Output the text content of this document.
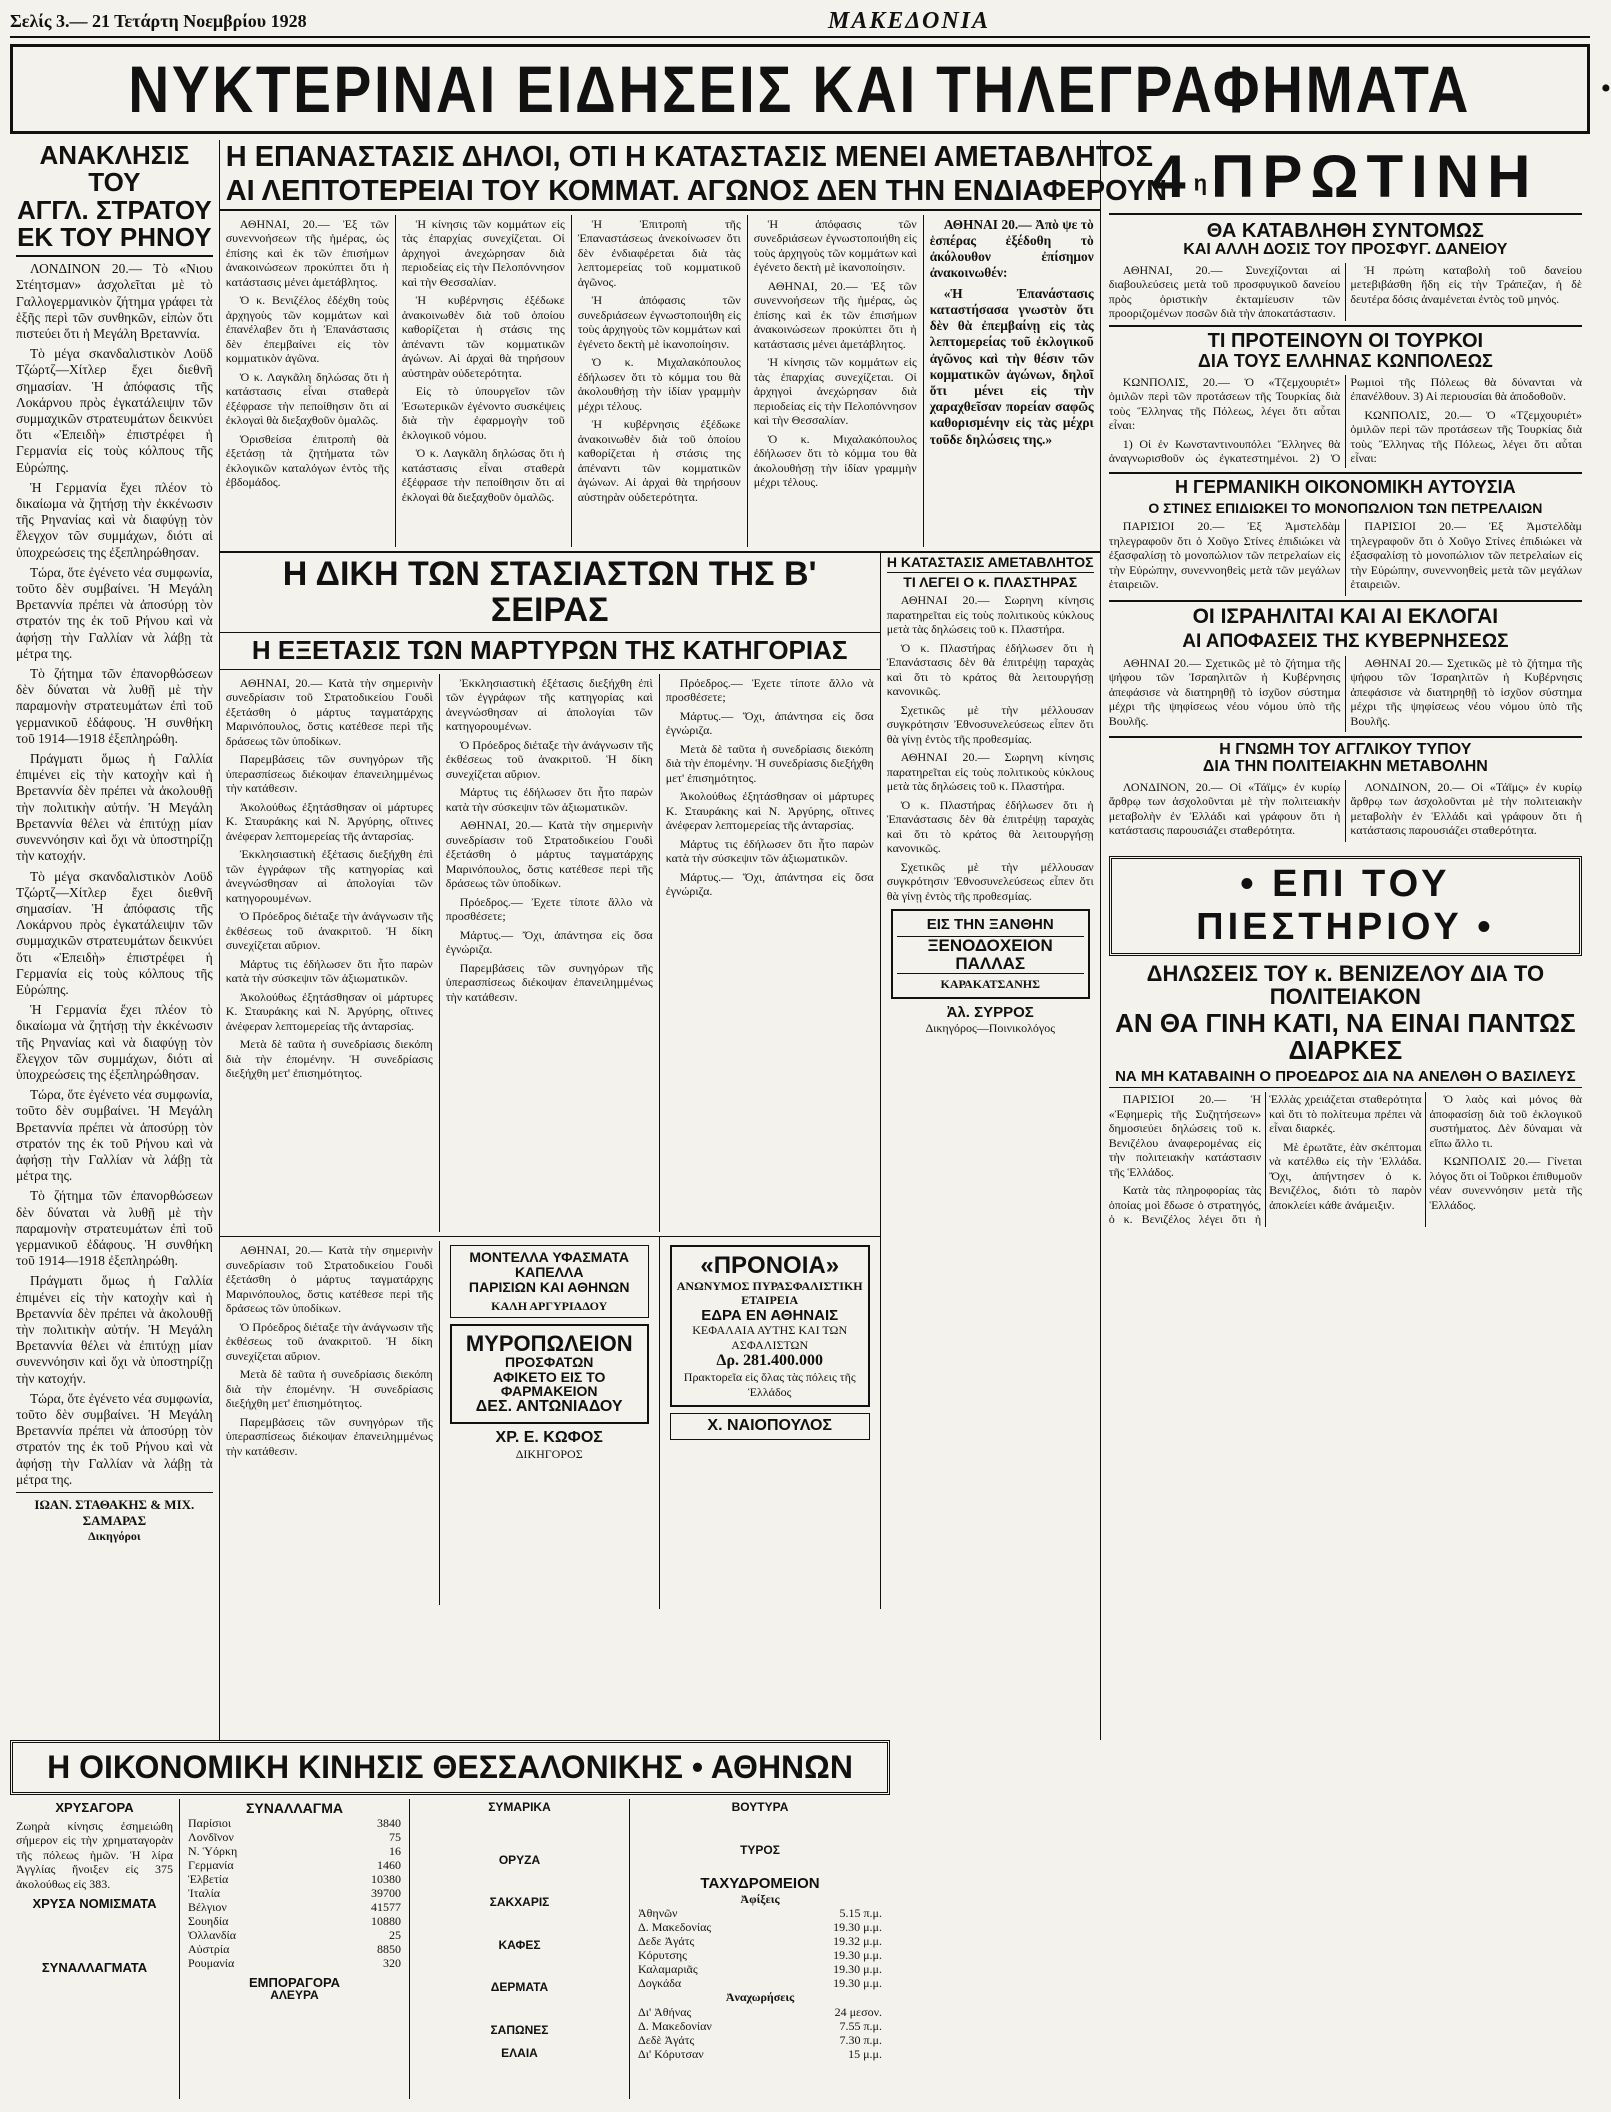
Σελίς 3.— 21 Τετάρτη Νοεμβρίου 1928	ΜΑΚΕΔΟΝΙΑ
ΝΥΚΤΕΡΙΝΑΙ ΕΙΔΗΣΕΙΣ ΚΑΙ ΤΗΛΕΓΡΑΦΗΜΑΤΑ	•
ΑΝΑΚΛΗΣΙΣ ΤΟΥ
ΑΓΓΛ. ΣΤΡΑΤΟΥ
ΕΚ ΤΟΥ ΡΗΝΟΥ

ΛΟΝΔΙΝΟΝ 20.— Τὸ «Νιου Στέητσμαν» ἀσχολεῖται μὲ τὸ Γαλλογερμανικὸν ζήτημα γράφει τὰ ἑξῆς περὶ τῶν συνθηκῶν, εἰπὼν ὅτι πιστεύει ὅτι ἡ Μεγάλη Βρεταννία.

Τὸ μέγα σκανδαλιστικὸν Λοϋδ Τζώρτζ—Χίτλερ ἔχει διεθνῆ σημασίαν. Ἡ ἀπόφασις τῆς Λοκάρνου πρὸς ἐγκατάλειψιν τῶν συμμαχικῶν στρατευμάτων δεικνύει ὅτι «Ἐπειδὴ» ἐπιστρέφει ἡ Γερμανία εἰς τοὺς κόλπους τῆς Εὐρώπης.

Ἡ Γερμανία ἔχει πλέον τὸ δικαίωμα νὰ ζητήσῃ τὴν ἐκκένωσιν τῆς Ρηνανίας καὶ νὰ διαφύγῃ τὸν ἔλεγχον τῶν συμμάχων, διότι αἱ ὑποχρεώσεις της ἐξεπληρώθησαν.

Τώρα, ὅτε ἐγένετο νέα συμφωνία, τοῦτο δὲν συμβαίνει. Ἡ Μεγάλη Βρεταννία πρέπει νὰ ἀποσύρῃ τὸν στρατόν της ἐκ τοῦ Ρήνου καὶ νὰ ἀφήσῃ τὴν Γαλλίαν νὰ λάβῃ τὰ μέτρα της.

Τὸ ζήτημα τῶν ἐπανορθώσεων δὲν δύναται νὰ λυθῇ μὲ τὴν παραμονὴν στρατευμάτων ἐπὶ τοῦ γερμανικοῦ ἐδάφους. Ἡ συνθήκη τοῦ 1914—1918 ἐξεπληρώθη.

Πράγματι ὅμως ἡ Γαλλία ἐπιμένει εἰς τὴν κατοχὴν καὶ ἡ Βρεταννία δὲν πρέπει νὰ ἀκολουθῇ τὴν πολιτικὴν αὐτήν. Ἡ Μεγάλη Βρεταννία θέλει νὰ ἐπιτύχῃ μίαν συνεννόησιν καὶ ὄχι νὰ ὑποστηρίζῃ τὴν κατοχήν.

Τὸ μέγα σκανδαλιστικὸν Λοϋδ Τζώρτζ—Χίτλερ ἔχει διεθνῆ σημασίαν. Ἡ ἀπόφασις τῆς Λοκάρνου πρὸς ἐγκατάλειψιν τῶν συμμαχικῶν στρατευμάτων δεικνύει ὅτι «Ἐπειδὴ» ἐπιστρέφει ἡ Γερμανία εἰς τοὺς κόλπους τῆς Εὐρώπης.

Ἡ Γερμανία ἔχει πλέον τὸ δικαίωμα νὰ ζητήσῃ τὴν ἐκκένωσιν τῆς Ρηνανίας καὶ νὰ διαφύγῃ τὸν ἔλεγχον τῶν συμμάχων, διότι αἱ ὑποχρεώσεις της ἐξεπληρώθησαν.

Τώρα, ὅτε ἐγένετο νέα συμφωνία, τοῦτο δὲν συμβαίνει. Ἡ Μεγάλη Βρεταννία πρέπει νὰ ἀποσύρῃ τὸν στρατόν της ἐκ τοῦ Ρήνου καὶ νὰ ἀφήσῃ τὴν Γαλλίαν νὰ λάβῃ τὰ μέτρα της.

Τὸ ζήτημα τῶν ἐπανορθώσεων δὲν δύναται νὰ λυθῇ μὲ τὴν παραμονὴν στρατευμάτων ἐπὶ τοῦ γερμανικοῦ ἐδάφους. Ἡ συνθήκη τοῦ 1914—1918 ἐξεπληρώθη.

Πράγματι ὅμως ἡ Γαλλία ἐπιμένει εἰς τὴν κατοχὴν καὶ ἡ Βρεταννία δὲν πρέπει νὰ ἀκολουθῇ τὴν πολιτικὴν αὐτήν. Ἡ Μεγάλη Βρεταννία θέλει νὰ ἐπιτύχῃ μίαν συνεννόησιν καὶ ὄχι νὰ ὑποστηρίζῃ τὴν κατοχήν.

Τώρα, ὅτε ἐγένετο νέα συμφωνία, τοῦτο δὲν συμβαίνει. Ἡ Μεγάλη Βρεταννία πρέπει νὰ ἀποσύρῃ τὸν στρατόν της ἐκ τοῦ Ρήνου καὶ νὰ ἀφήσῃ τὴν Γαλλίαν νὰ λάβῃ τὰ μέτρα της.

ΙΩΑΝ. ΣΤΑΘΑΚΗΣ & ΜΙΧ. ΣΑΜΑΡΑΣ
Δικηγόροι
Η ΕΠΑΝΑΣΤΑΣΙΣ ΔΗΛΟΙ, ΟΤΙ Η ΚΑΤΑΣΤΑΣΙΣ ΜΕΝΕΙ ΑΜΕΤΑΒΛΗΤΟΣ
ΑΙ ΛΕΠΤΟΤΕΡΕΙΑΙ ΤΟΥ ΚΟΜΜΑΤ. ΑΓΩΝΟΣ ΔΕΝ ΤΗΝ ΕΝΔΙΑΦΕΡΟΥΝ

ΑΘΗΝΑΙ, 20.— Ἐξ τῶν συνεννοήσεων τῆς ἡμέρας, ὡς ἐπίσης καὶ ἐκ τῶν ἐπισήμων ἀνακοινώσεων προκύπτει ὅτι ἡ κατάστασις μένει ἀμετάβλητος.

Ὁ κ. Βενιζέλος ἐδέχθη τοὺς ἀρχηγοὺς τῶν κομμάτων καὶ ἐπανέλαβεν ὅτι ἡ Ἐπανάστασις δὲν ἐπεμβαίνει εἰς τὸν κομματικὸν ἀγῶνα.

Ὁ κ. Λαγκᾶλη δηλώσας ὅτι ἡ κατάστασις εἶναι σταθερὰ ἐξέφρασε τὴν πεποίθησιν ὅτι αἱ ἐκλογαὶ θὰ διεξαχθοῦν ὁμαλῶς.

Ὁρισθείσα ἐπιτροπὴ θὰ ἐξετάσῃ τὰ ζητήματα τῶν ἐκλογικῶν καταλόγων ἐντὸς τῆς ἑβδομάδος.

Ἡ κίνησις τῶν κομμάτων εἰς τὰς ἐπαρχίας συνεχίζεται. Οἱ ἀρχηγοὶ ἀνεχώρησαν διὰ περιοδείας εἰς τὴν Πελοπόννησον καὶ τὴν Θεσσαλίαν.

Ἡ κυβέρνησις ἐξέδωκε ἀνακοινωθὲν διὰ τοῦ ὁποίου καθορίζεται ἡ στάσις της ἀπέναντι τῶν κομματικῶν ἀγώνων. Αἱ ἀρχαὶ θὰ τηρήσουν αὐστηρὰν οὐδετερότητα.

Εἰς τὸ ὑπουργεῖον τῶν Ἐσωτερικῶν ἐγένοντο συσκέψεις διὰ τὴν ἐφαρμογὴν τοῦ ἐκλογικοῦ νόμου.

Ὁ κ. Λαγκᾶλη δηλώσας ὅτι ἡ κατάστασις εἶναι σταθερὰ ἐξέφρασε τὴν πεποίθησιν ὅτι αἱ ἐκλογαὶ θὰ διεξαχθοῦν ὁμαλῶς.

Ἡ Ἐπιτροπὴ τῆς Ἐπαναστάσεως ἀνεκοίνωσεν ὅτι δὲν ἐνδιαφέρεται διὰ τὰς λεπτομερείας τοῦ κομματικοῦ ἀγῶνος.

Ἡ ἀπόφασις τῶν συνεδριάσεων ἐγνωστοποιήθη εἰς τοὺς ἀρχηγοὺς τῶν κομμάτων καὶ ἐγένετο δεκτὴ μὲ ἱκανοποίησιν.

Ὁ κ. Μιχαλακόπουλος ἐδήλωσεν ὅτι τὸ κόμμα του θὰ ἀκολουθήσῃ τὴν ἰδίαν γραμμὴν μέχρι τέλους.

Ἡ κυβέρνησις ἐξέδωκε ἀνακοινωθὲν διὰ τοῦ ὁποίου καθορίζεται ἡ στάσις της ἀπέναντι τῶν κομματικῶν ἀγώνων. Αἱ ἀρχαὶ θὰ τηρήσουν αὐστηρὰν οὐδετερότητα.

Ἡ ἀπόφασις τῶν συνεδριάσεων ἐγνωστοποιήθη εἰς τοὺς ἀρχηγοὺς τῶν κομμάτων καὶ ἐγένετο δεκτὴ μὲ ἱκανοποίησιν.

ΑΘΗΝΑΙ, 20.— Ἐξ τῶν συνεννοήσεων τῆς ἡμέρας, ὡς ἐπίσης καὶ ἐκ τῶν ἐπισήμων ἀνακοινώσεων προκύπτει ὅτι ἡ κατάστασις μένει ἀμετάβλητος.

Ἡ κίνησις τῶν κομμάτων εἰς τὰς ἐπαρχίας συνεχίζεται. Οἱ ἀρχηγοὶ ἀνεχώρησαν διὰ περιοδείας εἰς τὴν Πελοπόννησον καὶ τὴν Θεσσαλίαν.

Ὁ κ. Μιχαλακόπουλος ἐδήλωσεν ὅτι τὸ κόμμα του θὰ ἀκολουθήσῃ τὴν ἰδίαν γραμμὴν μέχρι τέλους.

ΑΘΗΝΑΙ 20.— Ἀπὸ ψε τὸ ἑσπέρας ἐξέδοθη τὸ ἀκόλουθον ἐπίσημον ἀνακοινωθέν:

«Ἡ Ἐπανάστασις καταστήσασα γνωστὸν ὅτι δὲν θὰ ἐπεμβαίνῃ εἰς τὰς λεπτομερείας τοῦ ἐκλογικοῦ ἀγῶνος καὶ τὴν θέσιν τῶν κομματικῶν ἀγώνων, δηλοῖ ὅτι μένει εἰς τὴν χαραχθεῖσαν πορείαν σαφῶς καθορισμένην εἰς τὰς μέχρι τοῦδε δηλώσεις της.»

Η ΔΙΚΗ ΤΩΝ ΣΤΑΣΙΑΣΤΩΝ ΤΗΣ Β' ΣΕΙΡΑΣ
Η ΕΞΕΤΑΣΙΣ ΤΩΝ ΜΑΡΤΥΡΩΝ ΤΗΣ ΚΑΤΗΓΟΡΙΑΣ

ΑΘΗΝΑΙ, 20.— Κατὰ τὴν σημερινὴν συνεδρίασιν τοῦ Στρατοδικείου Γουδὶ ἐξετάσθη ὁ μάρτυς ταγματάρχης Μαρινόπουλος, ὅστις κατέθεσε περὶ τῆς δράσεως τῶν ὑποδίκων.

Παρεμβάσεις τῶν συνηγόρων τῆς ὑπερασπίσεως διέκοψαν ἐπανειλημμένως τὴν κατάθεσιν.

Ἀκολούθως ἐξητάσθησαν οἱ μάρτυρες Κ. Σταυράκης καὶ Ν. Ἀργύρης, οἵτινες ἀνέφεραν λεπτομερείας τῆς ἀνταρσίας.

Ἐκκλησιαστικὴ ἐξέτασις διεξήχθη ἐπὶ τῶν ἐγγράφων τῆς κατηγορίας καὶ ἀνεγνώσθησαν αἱ ἀπολογίαι τῶν κατηγορουμένων.

Ὁ Πρόεδρος διέταξε τὴν ἀνάγνωσιν τῆς ἐκθέσεως τοῦ ἀνακριτοῦ. Ἡ δίκη συνεχίζεται αὔριον.

Μάρτυς τις ἐδήλωσεν ὅτι ἦτο παρὼν κατὰ τὴν σύσκεψιν τῶν ἀξιωματικῶν.

Ἀκολούθως ἐξητάσθησαν οἱ μάρτυρες Κ. Σταυράκης καὶ Ν. Ἀργύρης, οἵτινες ἀνέφεραν λεπτομερείας τῆς ἀνταρσίας.

Μετὰ δὲ ταῦτα ἡ συνεδρίασις διεκόπη διὰ τὴν ἐπομένην. Ἡ συνεδρίασις διεξήχθη μετ' ἐπισημότητος.

Ἐκκλησιαστικὴ ἐξέτασις διεξήχθη ἐπὶ τῶν ἐγγράφων τῆς κατηγορίας καὶ ἀνεγνώσθησαν αἱ ἀπολογίαι τῶν κατηγορουμένων.

Ὁ Πρόεδρος διέταξε τὴν ἀνάγνωσιν τῆς ἐκθέσεως τοῦ ἀνακριτοῦ. Ἡ δίκη συνεχίζεται αὔριον.

Μάρτυς τις ἐδήλωσεν ὅτι ἦτο παρὼν κατὰ τὴν σύσκεψιν τῶν ἀξιωματικῶν.

ΑΘΗΝΑΙ, 20.— Κατὰ τὴν σημερινὴν συνεδρίασιν τοῦ Στρατοδικείου Γουδὶ ἐξετάσθη ὁ μάρτυς ταγματάρχης Μαρινόπουλος, ὅστις κατέθεσε περὶ τῆς δράσεως τῶν ὑποδίκων.

Πρόεδρος.— Ἐχετε τίποτε ἄλλο νὰ προσθέσετε;

Μάρτυς.— Ὄχι, ἀπάντησα εἰς ὅσα ἐγνώριζα.

Παρεμβάσεις τῶν συνηγόρων τῆς ὑπερασπίσεως διέκοψαν ἐπανειλημμένως τὴν κατάθεσιν.

Πρόεδρος.— Ἐχετε τίποτε ἄλλο νὰ προσθέσετε;

Μάρτυς.— Ὄχι, ἀπάντησα εἰς ὅσα ἐγνώριζα.

Μετὰ δὲ ταῦτα ἡ συνεδρίασις διεκόπη διὰ τὴν ἐπομένην. Ἡ συνεδρίασις διεξήχθη μετ' ἐπισημότητος.

Ἀκολούθως ἐξητάσθησαν οἱ μάρτυρες Κ. Σταυράκης καὶ Ν. Ἀργύρης, οἵτινες ἀνέφεραν λεπτομερείας τῆς ἀνταρσίας.

Μάρτυς τις ἐδήλωσεν ὅτι ἦτο παρὼν κατὰ τὴν σύσκεψιν τῶν ἀξιωματικῶν.

Μάρτυς.— Ὄχι, ἀπάντησα εἰς ὅσα ἐγνώριζα.

ΑΘΗΝΑΙ, 20.— Κατὰ τὴν σημερινὴν συνεδρίασιν τοῦ Στρατοδικείου Γουδὶ ἐξετάσθη ὁ μάρτυς ταγματάρχης Μαρινόπουλος, ὅστις κατέθεσε περὶ τῆς δράσεως τῶν ὑποδίκων.

Ὁ Πρόεδρος διέταξε τὴν ἀνάγνωσιν τῆς ἐκθέσεως τοῦ ἀνακριτοῦ. Ἡ δίκη συνεχίζεται αὔριον.

Μετὰ δὲ ταῦτα ἡ συνεδρίασις διεκόπη διὰ τὴν ἐπομένην. Ἡ συνεδρίασις διεξήχθη μετ' ἐπισημότητος.

Παρεμβάσεις τῶν συνηγόρων τῆς ὑπερασπίσεως διέκοψαν ἐπανειλημμένως τὴν κατάθεσιν.

ΜΟΝΤΕΛΛΑ ΥΦΑΣΜΑΤΑ ΚΑΠΕΛΛΑ
ΠΑΡΙΣΙΩΝ ΚΑΙ ΑΘΗΝΩΝ
ΚΑΛΗ ΑΡΓΥΡΙΑΔΟΥ
ΜΥΡΟΠΩΛΕΙΟΝ
ΠΡΟΣΦΑΤΩΝ
ΑΦΙΚΕΤΟ ΕΙΣ ΤΟ ΦΑΡΜΑΚΕΙΟΝ
ΔΕΣ. ΑΝΤΩΝΙΑΔΟΥ
ΧΡ. Ε. ΚΩΦΟΣ
ΔΙΚΗΓΟΡΟΣ
«ΠΡΟΝΟΙΑ»
ΑΝΩΝΥΜΟΣ ΠΥΡΑΣΦΑΛΙΣΤΙΚΗ ΕΤΑΙΡΕΙΑ
ΕΔΡΑ ΕΝ ΑΘΗΝΑΙΣ
ΚΕΦΑΛΑΙΑ ΑΥΤΗΣ ΚΑΙ ΤΩΝ ΑΣΦΑΛΙΣΤΩΝ
Δρ. 281.400.000
Πρακτορεῖα εἰς ὅλας τὰς πόλεις τῆς Ἑλλάδος
Χ. ΝΑΙΟΠΟΥΛΟΣ
Η ΚΑΤΑΣΤΑΣΙΣ ΑΜΕΤΑΒΛΗΤΟΣ
ΤΙ ΛΕΓΕΙ Ο κ. ΠΛΑΣΤΗΡΑΣ

ΑΘΗΝΑΙ 20.— Σωρηνη κίνησις παρατηρεῖται εἰς τοὺς πολιτικοὺς κύκλους μετὰ τὰς δηλώσεις τοῦ κ. Πλαστήρα.

Ὁ κ. Πλαστήρας ἐδήλωσεν ὅτι ἡ Ἐπανάστασις δὲν θὰ ἐπιτρέψῃ ταραχὰς καὶ ὅτι τὸ κράτος θὰ λειτουργήσῃ κανονικῶς.

Σχετικῶς μὲ τὴν μέλλουσαν συγκρότησιν Ἐθνοσυνελεύσεως εἶπεν ὅτι θὰ γίνῃ ἐντὸς τῆς προθεσμίας.

ΑΘΗΝΑΙ 20.— Σωρηνη κίνησις παρατηρεῖται εἰς τοὺς πολιτικοὺς κύκλους μετὰ τὰς δηλώσεις τοῦ κ. Πλαστήρα.

Ὁ κ. Πλαστήρας ἐδήλωσεν ὅτι ἡ Ἐπανάστασις δὲν θὰ ἐπιτρέψῃ ταραχὰς καὶ ὅτι τὸ κράτος θὰ λειτουργήσῃ κανονικῶς.

Σχετικῶς μὲ τὴν μέλλουσαν συγκρότησιν Ἐθνοσυνελεύσεως εἶπεν ὅτι θὰ γίνῃ ἐντὸς τῆς προθεσμίας.

ΕΙΣ ΤΗΝ ΞΑΝΘΗΝ
ΞΕΝΟΔΟΧΕΙΟΝ ΠΑΛΛΑΣ
ΚΑΡΑΚΑΤΣΑΝΗΣ
Ἀλ. ΣΥΡΡΟΣ
Δικηγόρος—Ποινικολόγος
$4^\eta$ ΠΡΩΤΙΝΗ
ΘΑ ΚΑΤΑΒΛΗΘΗ ΣΥΝΤΟΜΩΣ
ΚΑΙ ΑΛΛΗ ΔΟΣΙΣ ΤΟΥ ΠΡΟΣΦΥΓ. ΔΑΝΕΙΟΥ

ΑΘΗΝΑΙ, 20.— Συνεχίζονται αἱ διαβουλεύσεις μετὰ τοῦ προσφυγικοῦ δανείου πρὸς ὁριστικὴν ἐκταμίευσιν τῶν προοριζομένων ποσῶν διὰ τὴν ἀποκατάστασιν.

Ἡ πρώτη καταβολὴ τοῦ δανείου μετεβιβάσθη ἤδη εἰς τὴν Τράπεζαν, ἡ δὲ δευτέρα δόσις ἀναμένεται ἐντὸς τοῦ μηνός.

ΤΙ ΠΡΟΤΕΙΝΟΥΝ ΟΙ ΤΟΥΡΚΟΙ
ΔΙΑ ΤΟΥΣ ΕΛΛΗΝΑΣ ΚΩΝΠΟΛΕΩΣ

ΚΩΝΠΟΛΙΣ, 20.— Ὁ «Τζεμχουριέτ» ὁμιλῶν περὶ τῶν προτάσεων τῆς Τουρκίας διὰ τοὺς Ἕλληνας τῆς Πόλεως, λέγει ὅτι αὗται εἶναι:

1) Οἱ ἐν Κωνσταντινουπόλει Ἕλληνες θὰ ἀναγνωρισθοῦν ὡς ἐγκατεστημένοι. 2) Ὁ Ρωμιοὶ τῆς Πόλεως θὰ δύνανται νὰ ἐπανέλθουν. 3) Αἱ περιουσίαι θὰ ἀποδοθοῦν.

ΚΩΝΠΟΛΙΣ, 20.— Ὁ «Τζεμχουριέτ» ὁμιλῶν περὶ τῶν προτάσεων τῆς Τουρκίας διὰ τοὺς Ἕλληνας τῆς Πόλεως, λέγει ὅτι αὗται εἶναι:

Η ΓΕΡΜΑΝΙΚΗ ΟΙΚΟΝΟΜΙΚΗ ΑΥΤΟΥΣΙΑ
Ο ΣΤΙΝΕΣ ΕΠΙΔΙΩΚΕΙ ΤΟ ΜΟΝΟΠΩΛΙΟΝ ΤΩΝ ΠΕΤΡΕΛΑΙΩΝ

ΠΑΡΙΣΙΟΙ 20.— Ἐξ Ἀμστελδὰμ τηλεγραφοῦν ὅτι ὁ Χοῦγο Στίνες ἐπιδιώκει νὰ ἐξασφαλίσῃ τὸ μονοπώλιον τῶν πετρελαίων εἰς τὴν Εὐρώπην, συνεννοηθεὶς μετὰ τῶν μεγάλων ἑταιρειῶν.

ΠΑΡΙΣΙΟΙ 20.— Ἐξ Ἀμστελδὰμ τηλεγραφοῦν ὅτι ὁ Χοῦγο Στίνες ἐπιδιώκει νὰ ἐξασφαλίσῃ τὸ μονοπώλιον τῶν πετρελαίων εἰς τὴν Εὐρώπην, συνεννοηθεὶς μετὰ τῶν μεγάλων ἑταιρειῶν.

ΟΙ ΙΣΡΑΗΛΙΤΑΙ ΚΑΙ ΑΙ ΕΚΛΟΓΑΙ
ΑΙ ΑΠΟΦΑΣΕΙΣ ΤΗΣ ΚΥΒΕΡΝΗΣΕΩΣ

ΑΘΗΝΑΙ 20.— Σχετικῶς μὲ τὸ ζήτημα τῆς ψήφου τῶν Ἰσραηλιτῶν ἡ Κυβέρνησις ἀπεφάσισε νὰ διατηρηθῇ τὸ ἰσχῦον σύστημα μέχρι τῆς ψηφίσεως νέου νόμου ὑπὸ τῆς Βουλῆς.

ΑΘΗΝΑΙ 20.— Σχετικῶς μὲ τὸ ζήτημα τῆς ψήφου τῶν Ἰσραηλιτῶν ἡ Κυβέρνησις ἀπεφάσισε νὰ διατηρηθῇ τὸ ἰσχῦον σύστημα μέχρι τῆς ψηφίσεως νέου νόμου ὑπὸ τῆς Βουλῆς.

Η ΓΝΩΜΗ ΤΟΥ ΑΓΓΛΙΚΟΥ ΤΥΠΟΥ
ΔΙΑ ΤΗΝ ΠΟΛΙΤΕΙΑΚΗΝ ΜΕΤΑΒΟΛΗΝ

ΛΟΝΔΙΝΟΝ, 20.— Οἱ «Τάϊμς» ἐν κυρίῳ ἄρθρῳ των ἀσχολοῦνται μὲ τὴν πολιτειακὴν μεταβολὴν ἐν Ἑλλάδι καὶ γράφουν ὅτι ἡ κατάστασις παρουσιάζει σταθερότητα.

ΛΟΝΔΙΝΟΝ, 20.— Οἱ «Τάϊμς» ἐν κυρίῳ ἄρθρῳ των ἀσχολοῦνται μὲ τὴν πολιτειακὴν μεταβολὴν ἐν Ἑλλάδι καὶ γράφουν ὅτι ἡ κατάστασις παρουσιάζει σταθερότητα.

• ΕΠΙ ΤΟΥ ΠΙΕΣΤΗΡΙΟΥ •
ΔΗΛΩΣΕΙΣ ΤΟΥ κ. ΒΕΝΙΖΕΛΟΥ ΔΙΑ ΤΟ ΠΟΛΙΤΕΙΑΚΟΝ
ΑΝ ΘΑ ΓΙΝΗ ΚΑΤΙ, ΝΑ ΕΙΝΑΙ ΠΑΝΤΩΣ ΔΙΑΡΚΕΣ
ΝΑ ΜΗ ΚΑΤΑΒΑΙΝΗ Ο ΠΡΟΕΔΡΟΣ ΔΙΑ ΝΑ ΑΝΕΛΘΗ Ο ΒΑΣΙΛΕΥΣ

ΠΑΡΙΣΙΟΙ 20.— Ἡ «Ἐφημερὶς τῆς Συζητήσεων» δημοσιεύει δηλώσεις τοῦ κ. Βενιζέλου ἀναφερομένας εἰς τὴν πολιτειακὴν κατάστασιν τῆς Ἑλλάδος.

Κατὰ τὰς πληροφορίας τὰς ὁποίας μοὶ ἔδωσε ὁ στρατηγός, ὁ κ. Βενιζέλος λέγει ὅτι ἡ Ἑλλὰς χρειάζεται σταθερότητα καὶ ὅτι τὸ πολίτευμα πρέπει νὰ εἶναι διαρκές.

Μὲ ἐρωτᾶτε, ἐὰν σκέπτομαι νὰ κατέλθω εἰς τὴν Ἑλλάδα. Ὄχι, ἀπήντησεν ὁ κ. Βενιζέλος, διότι τὸ παρὸν ἀποκλείει κάθε ἀνάμειξιν.

Ὁ λαὸς καὶ μόνος θὰ ἀποφασίσῃ διὰ τοῦ ἐκλογικοῦ συστήματος. Δὲν δύναμαι νὰ εἴπω ἄλλο τι.

ΚΩΝΠΟΛΙΣ 20.— Γίνεται λόγος ὅτι οἱ Τοῦρκοι ἐπιθυμοῦν νέαν συνεννόησιν μετὰ τῆς Ἑλλάδος.

Η ΟΙΚΟΝΟΜΙΚΗ ΚΙΝΗΣΙΣ ΘΕΣΣΑΛΟΝΙΚΗΣ • ΑΘΗΝΩΝ
ΧΡΥΣΑΓΟΡΑ
Ζωηρὰ κίνησις ἐσημειώθη σήμερον εἰς τὴν χρηματαγορὰν τῆς πόλεως ἡμῶν. Ἡ λίρα Ἀγγλίας ἤνοιξεν εἰς 375 ἀκολούθως εἰς 383.
ΧΡΥΣΑ ΝΟΜΙΣΜΑΤΑ
ΣΥΝΑΛΛΑΓΜΑΤΑ
ΣΥΝΑΛΛΑΓΜΑ
Παρίσιοι	3840
Λονδῖνον	75
Ν. Ὑόρκη	16
Γερμανία	1460
Ἑλβετία	10380
Ἰταλία	39700
Βέλγιον	41577
Σουηδία	10880
Ὀλλανδία	25
Αὐστρία	8850
Ρουμανία	320
ΕΜΠΟΡΑΓΟΡΑ
ΑΛΕΥΡΑ
ΣΥΜΑΡΙΚΑ
ΟΡΥΖΑ
ΣΑΚΧΑΡΙΣ
ΚΑΦΕΣ
ΔΕΡΜΑΤΑ
ΣΑΠΩΝΕΣ
ΕΛΑΙΑ
ΒΟΥΤΥΡΑ
ΤΥΡΟΣ
ΤΑΧΥΔΡΟΜΕΙΟΝ
Ἀφίξεις
Ἀθηνῶν	5.15 π.μ.
Δ. Μακεδονίας	19.30 μ.μ.
Δεδε Ἀγάτς	19.32 μ.μ.
Κόρυτσης	19.30 μ.μ.
Καλαμαριᾶς	19.30 μ.μ.
Δογκάδα	19.30 μ.μ.
Ἀναχωρήσεις
Δι' Ἀθήνας	24 μεσον.
Δ. Μακεδονίαν	7.55 π.μ.
Δεδὲ Ἀγάτς	7.30 π.μ.
Δι' Κόρυτσαν	15 μ.μ.
